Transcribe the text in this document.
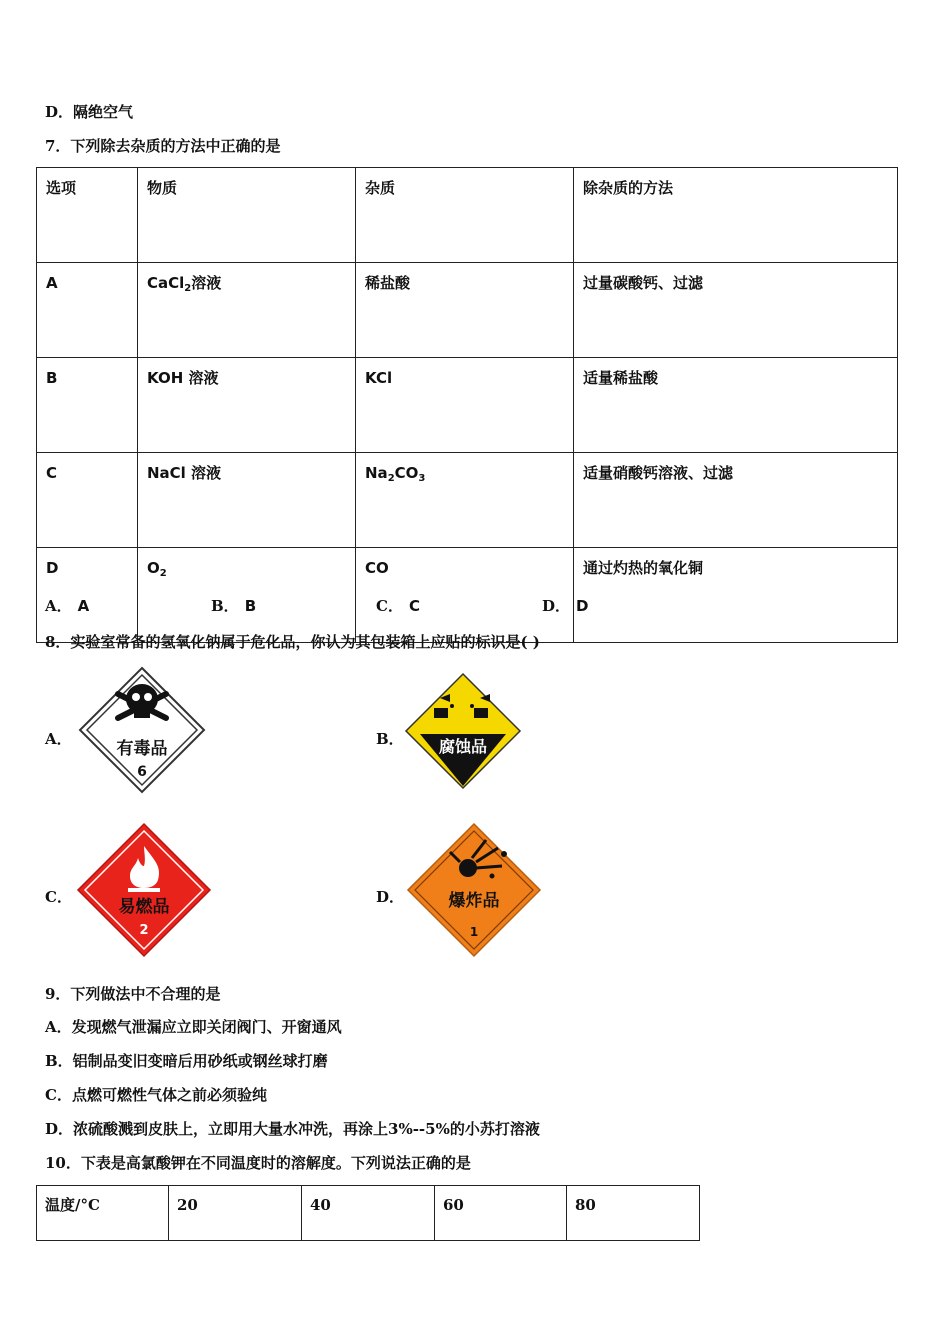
D．隔绝空气
7．下列除去杂质的方法中正确的是
选项	物质	杂质	除杂质的方法
A	CaCl$_2$溶液	稀盐酸	过量碳酸钙、过滤
B	KOH 溶液	KCl	适量稀盐酸
C	NaCl 溶液	$Na_2CO_3$	适量硝酸钙溶液、过滤
D	$O_2$	CO	通过灼热的氧化铜
A． A	B． B	C． C	D． D
8．实验室常备的氢氧化钠属于危化品，你认为其包装箱上应贴的标识是( )
A．	有毒品
6
B． 腐蚀品
C．	易燃品
2
D．	爆炸品
1
9．下列做法中不合理的是
A．发现燃气泄漏应立即关闭阀门、开窗通风
B．铝制品变旧变暗后用砂纸或钢丝球打磨
C．点燃可燃性气体之前必须验纯
D．浓硫酸溅到皮肤上，立即用大量水冲洗，再涂上3%--5%的小苏打溶液
10．下表是高氯酸钾在不同温度时的溶解度。下列说法正确的是
温度/°C	20	40	60	80
